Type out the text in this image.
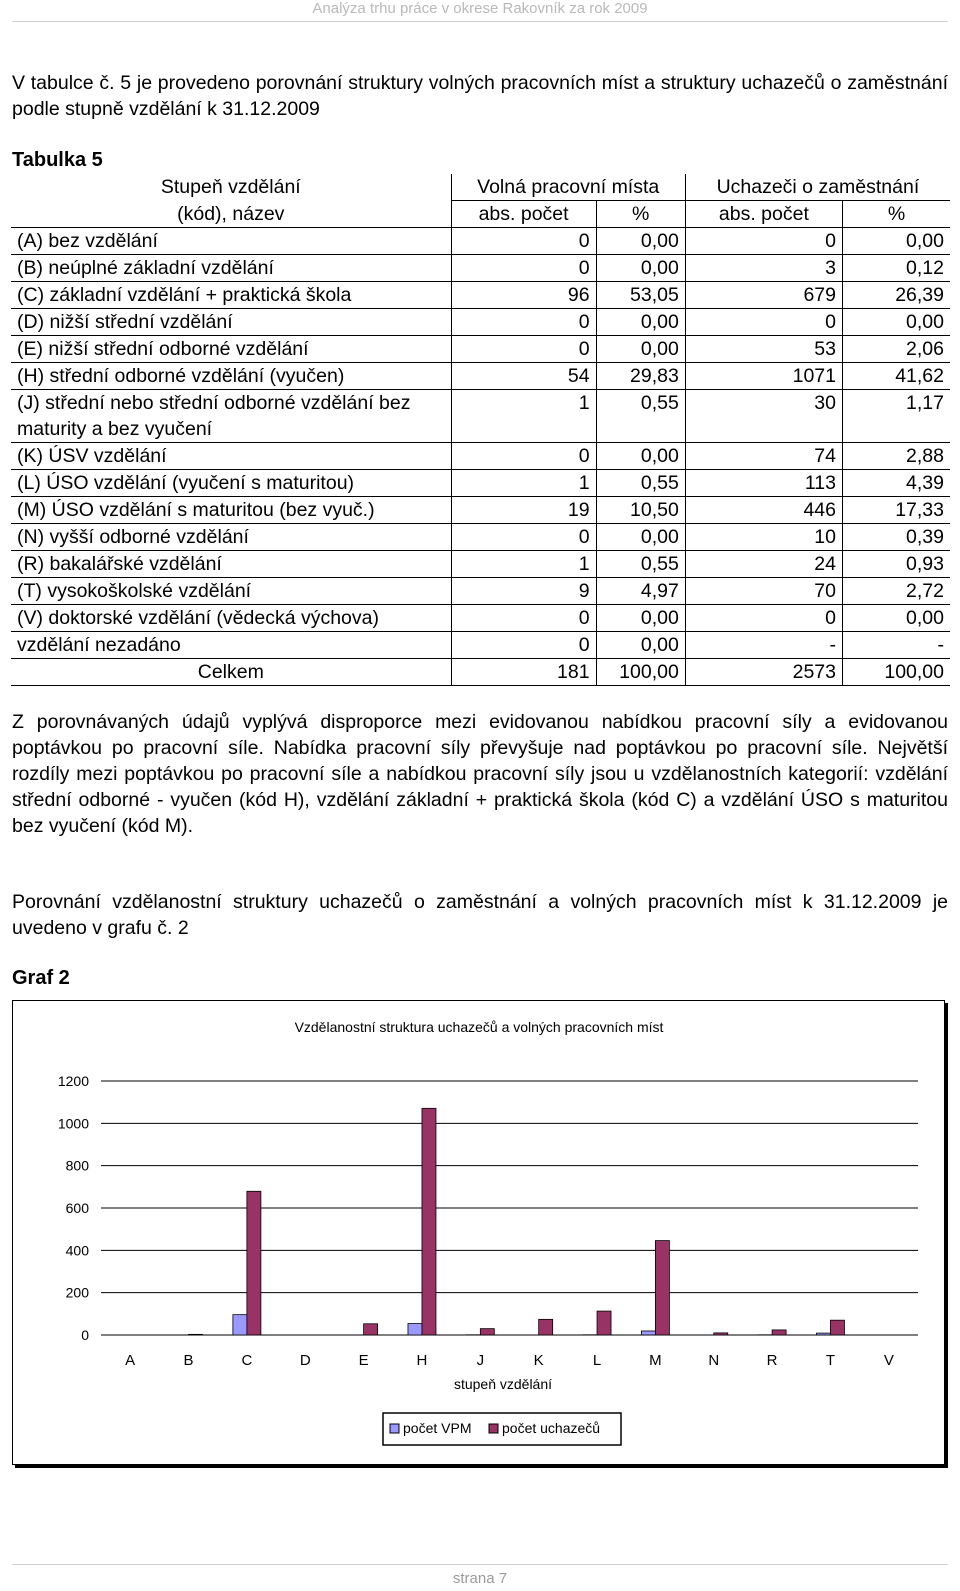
Analýza trhu práce v okrese Rakovník za rok 2009
V tabulce č. 5 je provedeno porovnání struktury volných pracovních míst a struktury uchazečů o zaměstnání podle stupně vzdělání k 31.12.2009
Tabulka 5
Stupeň vzdělání	Volná pracovní místa		Uchazeči o zaměstnání	
(kód), název	abs. počet	%	abs. počet	%
(A) bez vzdělání	0	0,00	0	0,00
(B) neúplné základní vzdělání	0	0,00	3	0,12
(C) základní vzdělání + praktická škola	96	53,05	679	26,39
(D) nižší střední vzdělání	0	0,00	0	0,00
(E) nižší střední odborné vzdělání	0	0,00	53	2,06
(H) střední odborné vzdělání (vyučen)	54	29,83	1071	41,62
(J) střední nebo střední odborné vzdělání bez maturity a bez vyučení	1	0,55	30	1,17
(K) ÚSV vzdělání	0	0,00	74	2,88
(L) ÚSO vzdělání (vyučení s maturitou)	1	0,55	113	4,39
(M) ÚSO vzdělání s maturitou (bez vyuč.)	19	10,50	446	17,33
(N) vyšší odborné vzdělání	0	0,00	10	0,39
(R) bakalářské vzdělání	1	0,55	24	0,93
(T) vysokoškolské vzdělání	9	4,97	70	2,72
(V) doktorské vzdělání (vědecká výchova)	0	0,00	0	0,00
vzdělání nezadáno	0	0,00	-	-
Celkem	181	100,00	2573	100,00
Z porovnávaných údajů vyplývá disproporce mezi evidovanou nabídkou pracovní síly a evidovanou poptávkou po pracovní síle. Nabídka pracovní síly převyšuje nad poptávkou po pracovní síle. Největší rozdíly mezi poptávkou po pracovní síle a nabídkou pracovní síly jsou u vzdělanostních kategorií: vzdělání střední odborné - vyučen (kód H), vzdělání základní + praktická škola (kód C) a vzdělání ÚSO s maturitou bez vyučení (kód M).
Porovnání vzdělanostní struktury uchazečů o zaměstnání a volných pracovních míst k 31.12.2009 je uvedeno v grafu č. 2
Graf 2
Vzdělanostní struktura uchazečů a volných pracovních míst
0
200
400
600
800
1000
1200
A	B	C	D	E	H	J	K	L	M	N	R	T	V
stupeň vzdělání
počet VPM počet uchazečů
strana 7
